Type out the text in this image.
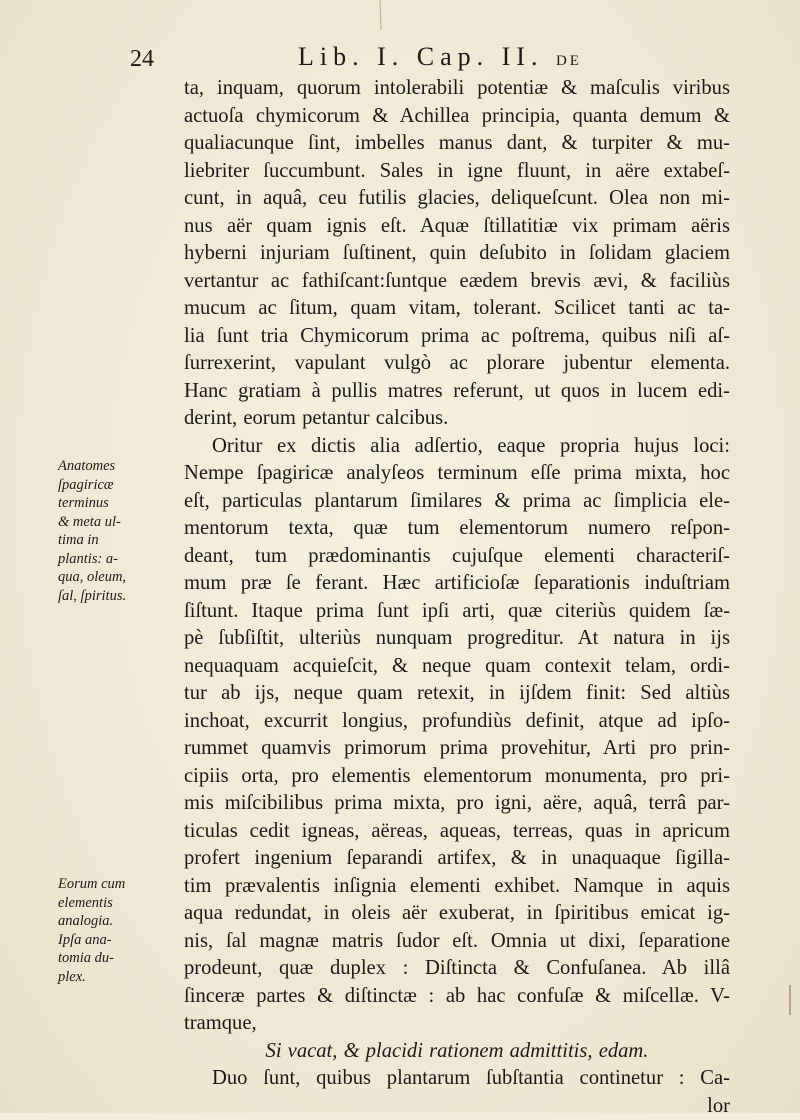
24	Lib. I. Cap. II. DE
ta, inquam, quorum intolerabili potentiæ & maſculis viribus
actuoſa chymicorum & Achillea principia, quanta demum &
qualiacunque ſint, imbelles manus dant, & turpiter & mu-
liebriter ſuccumbunt. Sales in igne fluunt, in aëre extabeſ-
cunt, in aquâ, ceu futilis glacies, deliqueſcunt. Olea non mi-
nus aër quam ignis eſt. Aquæ ſtillatitiæ vix primam aëris
hyberni injuriam ſuſtinent, quin deſubito in ſolidam glaciem
vertantur ac fathiſcant:ſuntque eædem brevis ævi, & faciliùs
mucum ac ſitum, quam vitam, tolerant. Scilicet tanti ac ta-
lia ſunt tria Chymicorum prima ac poſtrema, quibus niſi aſ-
ſurrexerint, vapulant vulgò ac plorare jubentur elementa.
Hanc gratiam à pullis matres referunt, ut quos in lucem edi-
derint, eorum petantur calcibus.
Oritur ex dictis alia adſertio, eaque propria hujus loci:
Nempe ſpagiricæ analyſeos terminum eſſe prima mixta, hoc
eſt, particulas plantarum ſimilares & prima ac ſimplicia ele-
mentorum texta, quæ tum elementorum numero reſpon-
deant, tum prædominantis cujuſque elementi characteriſ-
mum præ ſe ferant. Hæc artificioſæ ſeparationis induſtriam
ſiſtunt. Itaque prima ſunt ipſi arti, quæ citeriùs quidem ſæ-
pè ſubſiſtit, ulteriùs nunquam progreditur. At natura in ijs
nequaquam acquieſcit, & neque quam contexit telam, ordi-
tur ab ijs, neque quam retexit, in ijſdem finit: Sed altiùs
inchoat, excurrit longius, profundiùs definit, atque ad ipſo-
rummet quamvis primorum prima provehitur, Arti pro prin-
cipiis orta, pro elementis elementorum monumenta, pro pri-
mis miſcibilibus prima mixta, pro igni, aëre, aquâ, terrâ par-
ticulas cedit igneas, aëreas, aqueas, terreas, quas in apricum
profert ingenium ſeparandi artifex, & in unaquaque ſigilla-
tim prævalentis inſignia elementi exhibet. Namque in aquis
aqua redundat, in oleis aër exuberat, in ſpiritibus emicat ig-
nis, ſal magnæ matris ſudor eſt. Omnia ut dixi, ſeparatione
prodeunt, quæ duplex : Diſtincta & Confuſanea. Ab illâ
ſinceræ partes & diſtinctæ : ab hac confuſæ & miſcellæ. V-
tramque,
Si vacat, & placidi rationem admittitis, edam.
Duo ſunt, quibus plantarum ſubſtantia continetur : Ca-
lor
Anatomes
ſpagiricæ
terminus
& meta ul-
tima in
plantis: a-
qua, oleum,
ſal, ſpiritus.
Eorum cum
elementis
analogia.
Ipſa ana-
tomia du-
plex.
